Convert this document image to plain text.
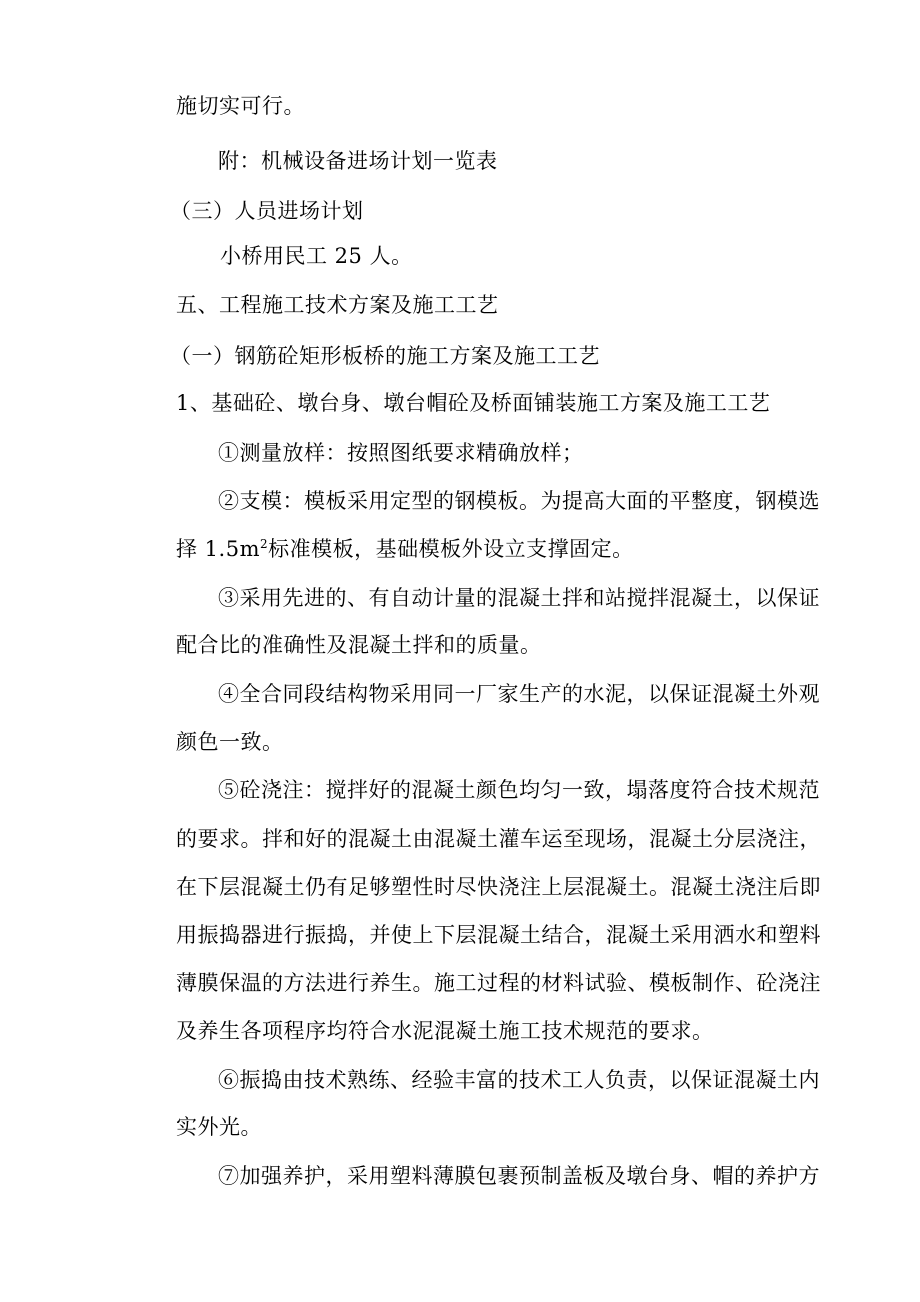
施切实可行。
附：机械设备进场计划一览表
（三）人员进场计划
小桥用民工 25 人。
五、工程施工技术方案及施工工艺
（一）钢筋砼矩形板桥的施工方案及施工工艺
1、基础砼、墩台身、墩台帽砼及桥面铺装施工方案及施工工艺
①测量放样：按照图纸要求精确放样；
②支模：模板采用定型的钢模板。为提高大面的平整度，钢模选
择 $1.5m^2$标准模板，基础模板外设立支撑固定。
③采用先进的、有自动计量的混凝土拌和站搅拌混凝土，以保证
配合比的准确性及混凝土拌和的质量。
④全合同段结构物采用同一厂家生产的水泥，以保证混凝土外观
颜色一致。
⑤砼浇注：搅拌好的混凝土颜色均匀一致，塌落度符合技术规范
的要求。拌和好的混凝土由混凝土灌车运至现场，混凝土分层浇注，
在下层混凝土仍有足够塑性时尽快浇注上层混凝土。混凝土浇注后即
用振捣器进行振捣，并使上下层混凝土结合，混凝土采用洒水和塑料
薄膜保温的方法进行养生。施工过程的材料试验、模板制作、砼浇注
及养生各项程序均符合水泥混凝土施工技术规范的要求。
⑥振捣由技术熟练、经验丰富的技术工人负责，以保证混凝土内
实外光。
⑦加强养护，采用塑料薄膜包裹预制盖板及墩台身、帽的养护方
